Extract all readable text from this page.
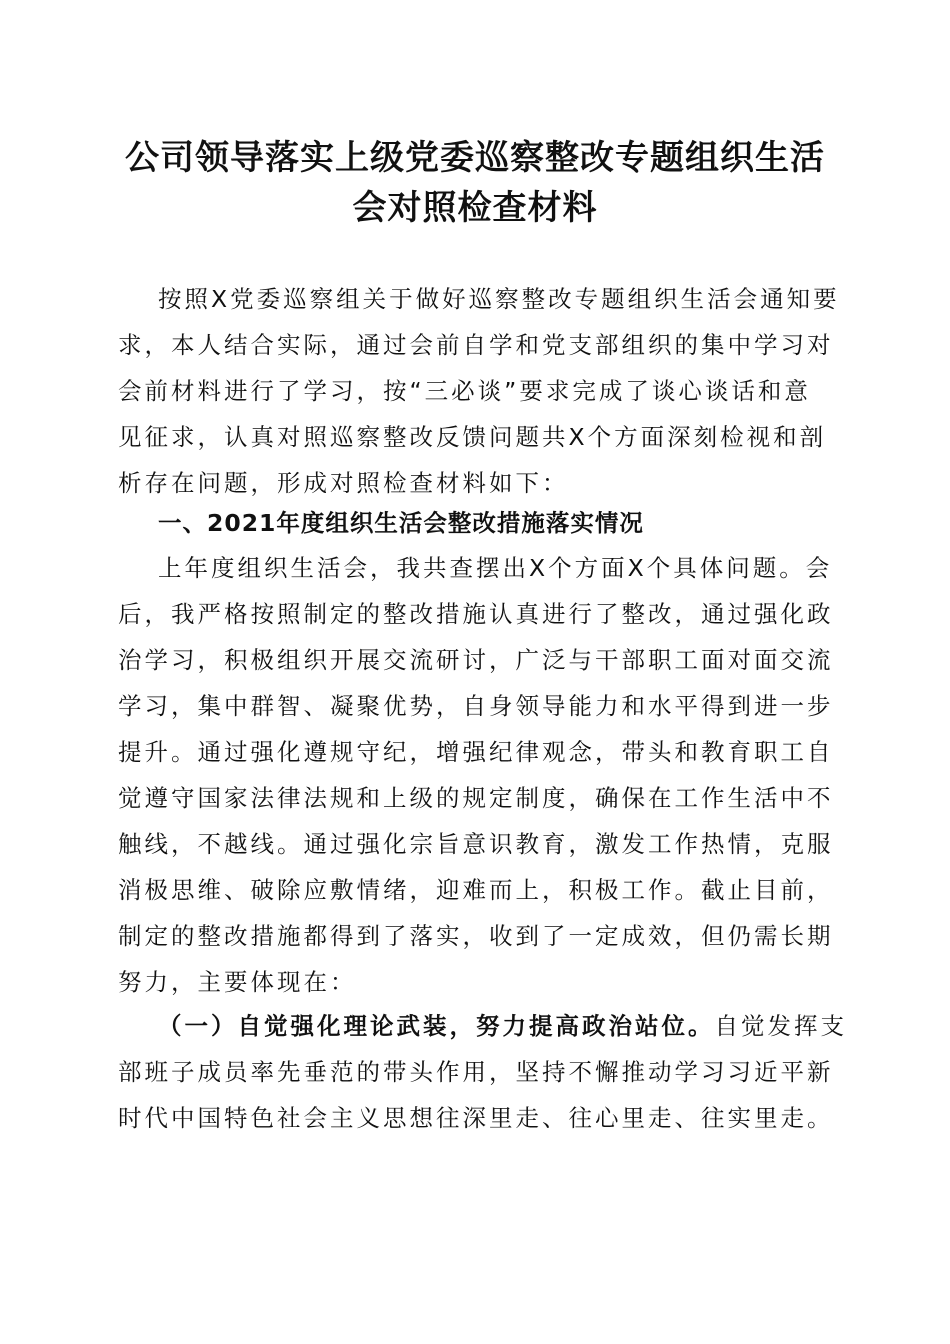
公司领导落实上级党委巡察整改专题组织生活
会对照检查材料

按照X党委巡察组关于做好巡察整改专题组织生活会通知要

求，本人结合实际，通过会前自学和党支部组织的集中学习对

会前材料进行了学习，按“三必谈”要求完成了谈心谈话和意

见征求，认真对照巡察整改反馈问题共X个方面深刻检视和剖

析存在问题，形成对照检查材料如下：

一、2021年度组织生活会整改措施落实情况

上年度组织生活会，我共查摆出X个方面X个具体问题。会

后，我严格按照制定的整改措施认真进行了整改，通过强化政

治学习，积极组织开展交流研讨，广泛与干部职工面对面交流

学习，集中群智、凝聚优势，自身领导能力和水平得到进一步

提升。通过强化遵规守纪，增强纪律观念，带头和教育职工自

觉遵守国家法律法规和上级的规定制度，确保在工作生活中不

触线，不越线。通过强化宗旨意识教育，激发工作热情，克服

消极思维、破除应敷情绪，迎难而上，积极工作。截止目前，

制定的整改措施都得到了落实，收到了一定成效，但仍需长期

努力，主要体现在：

（一）自觉强化理论武装，努力提高政治站位。自觉发挥支

部班子成员率先垂范的带头作用，坚持不懈推动学习习近平新

时代中国特色社会主义思想往深里走、往心里走、往实里走。
